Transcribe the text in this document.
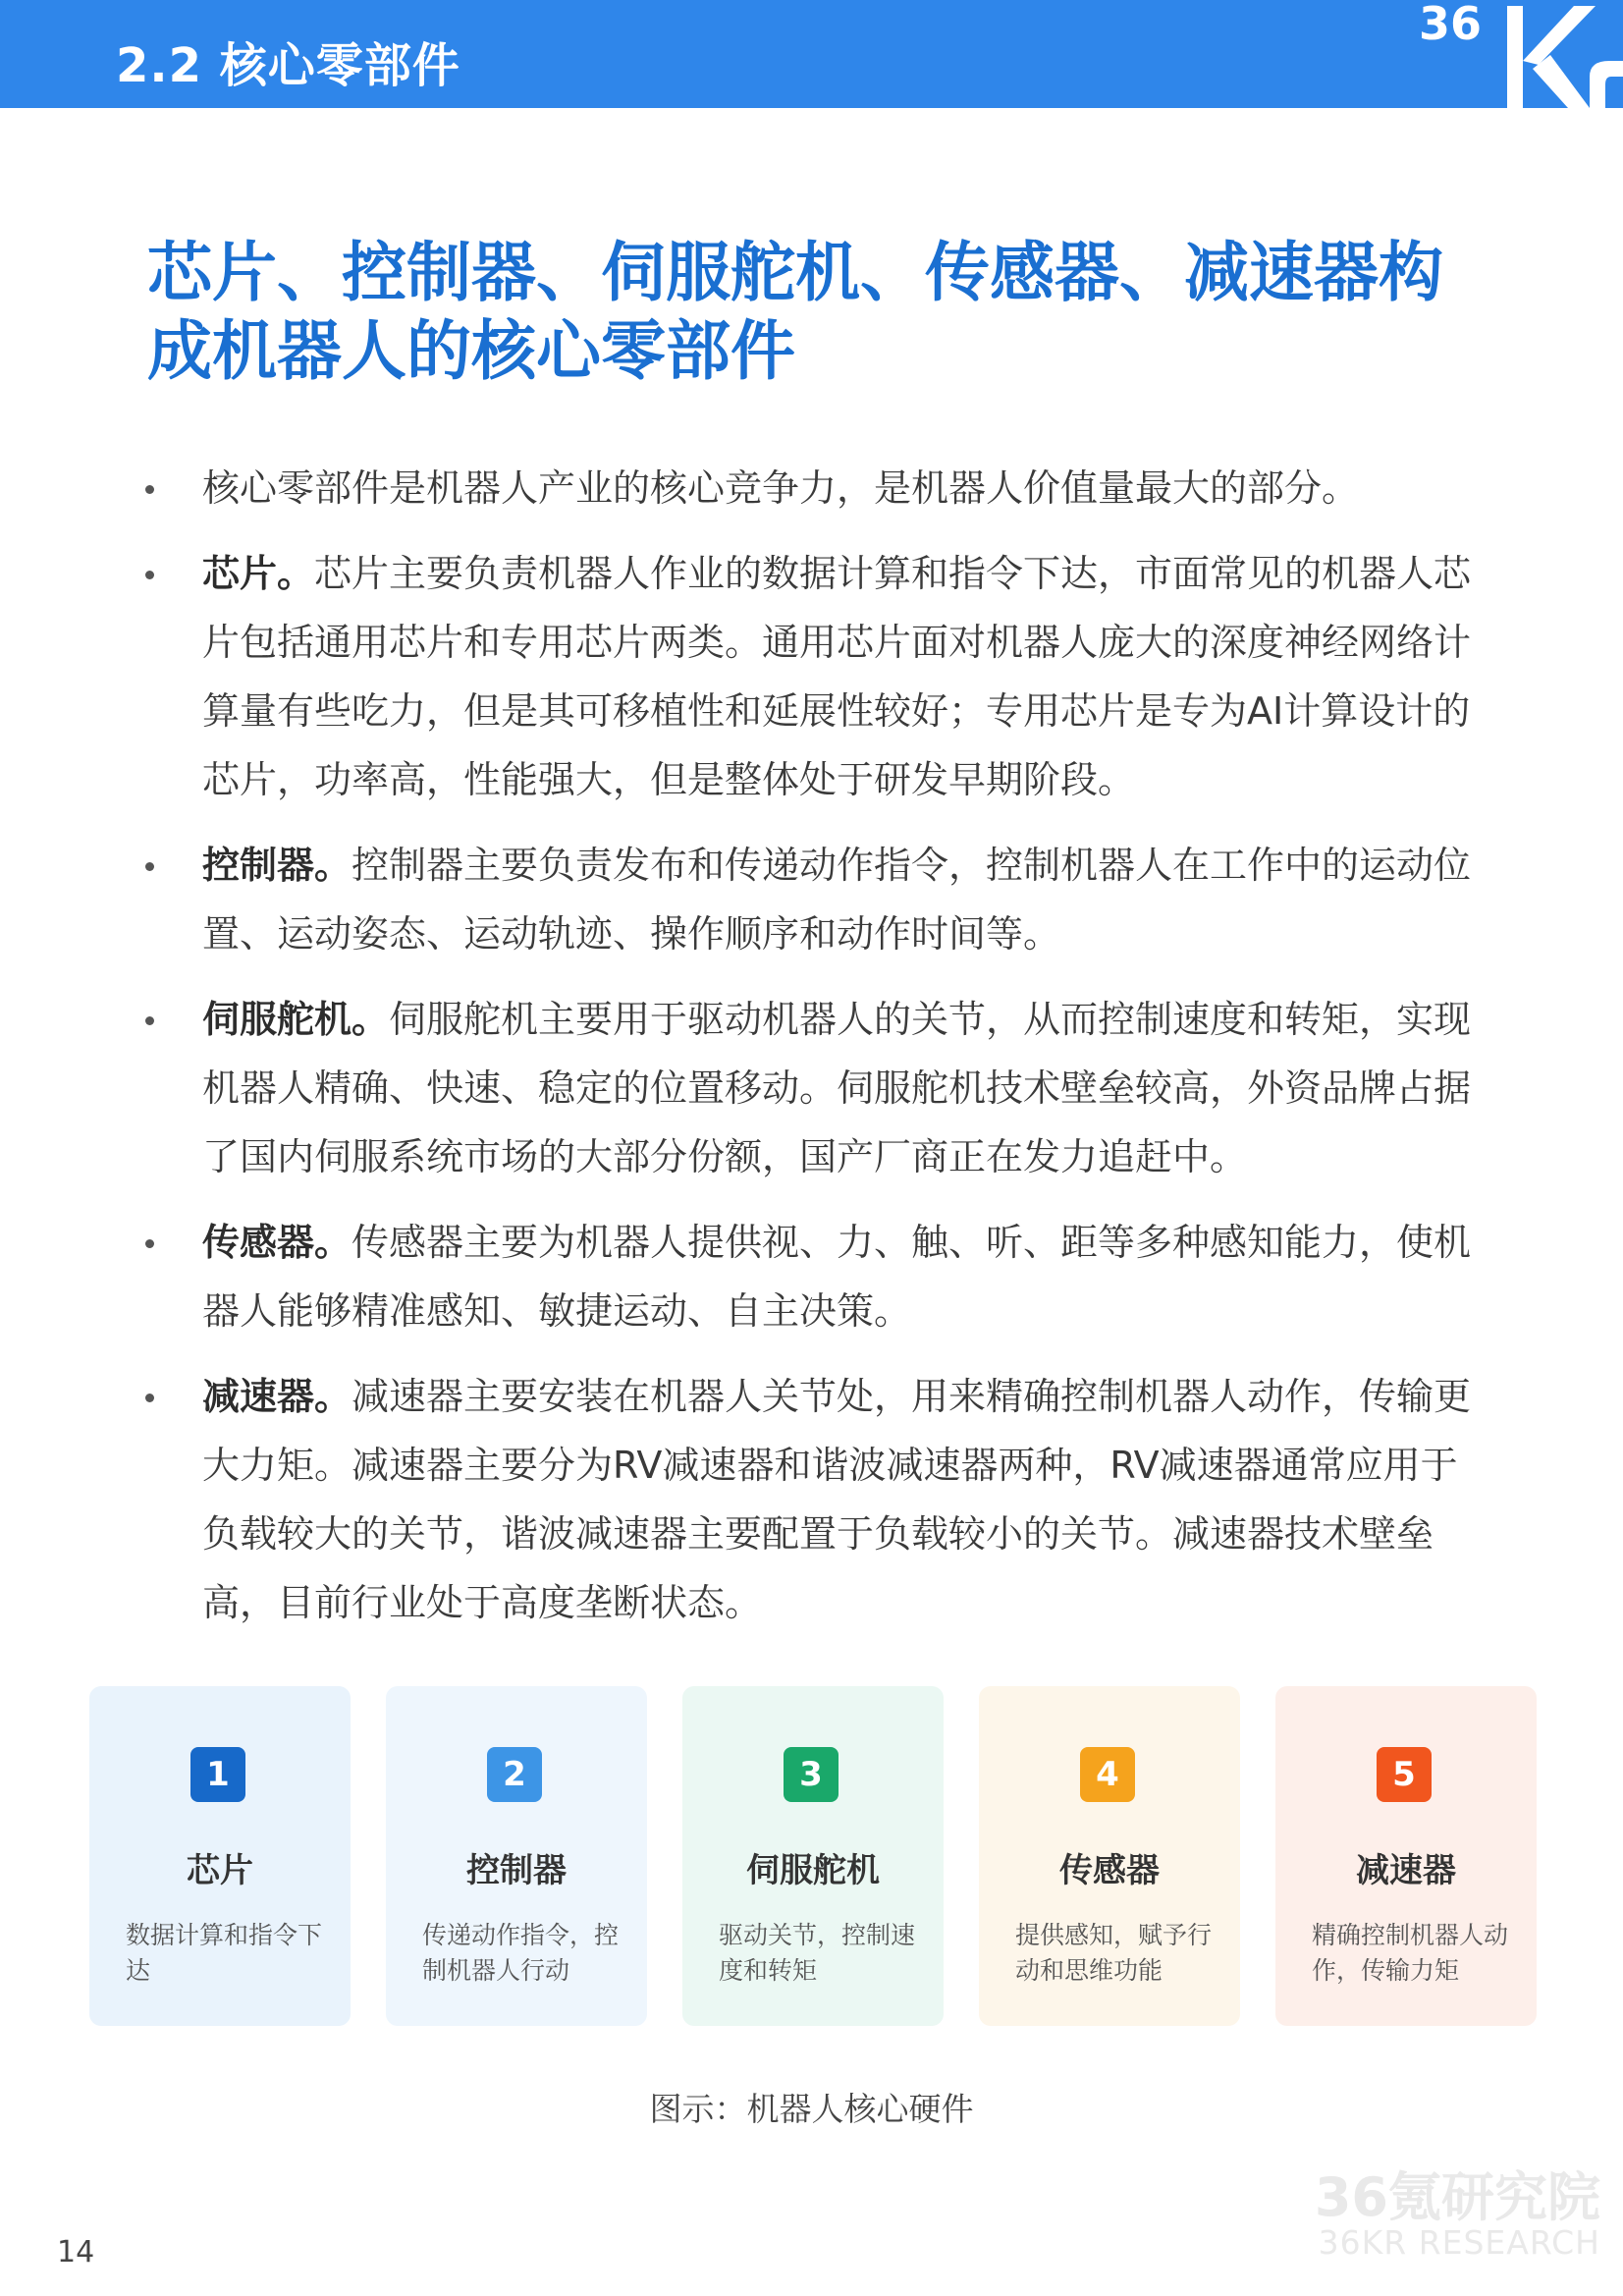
2.2 核心零部件
36
芯片、控制器、伺服舵机、传感器、减速器构
成机器人的核心零部件
核心零部件是机器人产业的核心竞争力，是机器人价值量最大的部分。
芯片。芯片主要负责机器人作业的数据计算和指令下达，市面常见的机器人芯片包括通用芯片和专用芯片两类。通用芯片面对机器人庞大的深度神经网络计算量有些吃力，但是其可移植性和延展性较好；专用芯片是专为AI计算设计的芯片，功率高，性能强大，但是整体处于研发早期阶段。
控制器。控制器主要负责发布和传递动作指令，控制机器人在工作中的运动位置、运动姿态、运动轨迹、操作顺序和动作时间等。
伺服舵机。伺服舵机主要用于驱动机器人的关节，从而控制速度和转矩，实现机器人精确、快速、稳定的位置移动。伺服舵机技术壁垒较高，外资品牌占据了国内伺服系统市场的大部分份额，国产厂商正在发力追赶中。
传感器。传感器主要为机器人提供视、力、触、听、距等多种感知能力，使机器人能够精准感知、敏捷运动、自主决策。
减速器。减速器主要安装在机器人关节处，用来精确控制机器人动作，传输更大力矩。减速器主要分为RV减速器和谐波减速器两种，RV减速器通常应用于负载较大的关节，谐波减速器主要配置于负载较小的关节。减速器技术壁垒高，目前行业处于高度垄断状态。
1
芯片
数据计算和指令下达
2
控制器
传递动作指令，控制机器人行动
3
伺服舵机
驱动关节，控制速度和转矩
4
传感器
提供感知，赋予行动和思维功能
5
减速器
精确控制机器人动作，传输力矩
图示：机器人核心硬件
36氪研究院
36KR RESEARCH
14
